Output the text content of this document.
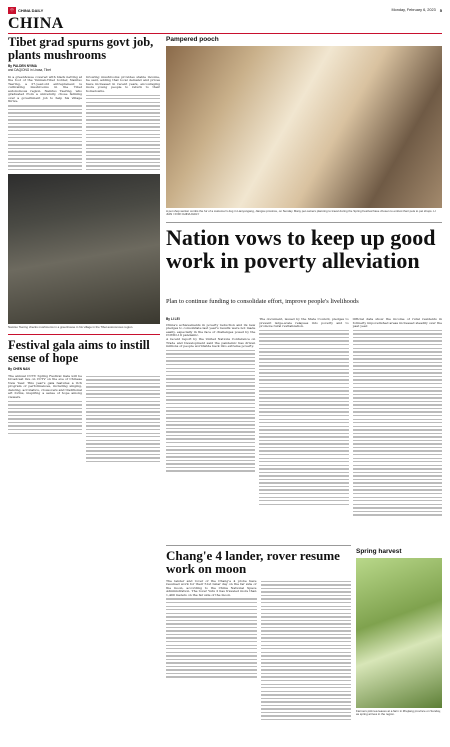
中	CHINA DAILY	Monday, February 6, 2023 5
CHINA
Tibet grad spurns govt job, plants mushrooms
By PALDEN NYIMA
and DAQIONG in Lhasa, Tibet

In a greenhouse covered with black netting at the foot of the Yunnan-Tibet border, Namtso Tsering, a 27-year-old entrepreneur, is cultivating mushrooms in the Tibet autonomous region. Namtso Tsering, who graduated from a university, chose farming over a government job to help his village thrive.

Growing mushrooms provides stable income, he said, adding that local demand and prices have increased in recent years, encouraging more young people to return to their hometowns.

Namtso Tsering checks mushrooms in a greenhouse in his village in the Tibet autonomous region.

Festival gala aims to instill sense of hope
By CHEN NAN

The annual CCTV Spring Festival Gala will be broadcast live on CCTV on the eve of Chinese New Year. This year's gala features a rich program of performances, including singing, dancing, acrobatics, crossovers and traditional art forms, inspiring a sense of hope among viewers.

Pampered pooch

A pet shop worker combs the fur of a customer's dog in Lianyungang, Jiangsu province, on Sunday. Many pet owners planning to travel during the Spring Festival have chosen to entrust their pets to pet shops. LI JIAN / FOR CHINA DAILY

Nation vows to keep up good work in poverty alleviation
Plan to continue funding to consolidate effort, improve people's livelihoods
By LI LEI

China's achievements in poverty reduction and its new pledges to consolidate last year's results were not made easily, especially in the face of challenges posed by the COVID-19 pandemic.

A recent report by the United Nations Conference on Trade and Development said the pandemic has driven millions of people worldwide back into extreme poverty.

The document, issued by the State Council, pledges to prevent large-scale relapses into poverty and to promote rural revitalization.

Official data show the income of rural residents in formerly impoverished areas increased steadily over the past year.

Chang'e 4 lander, rover resume work on moon

The lander and rover of the Chang'e 4 probe have resumed work for their 51st lunar day on the far side of the moon, according to the China National Space Administration. The rover Yutu 2 has traveled more than 1,400 meters on the far side of the moon.

Spring harvest

Farmers pick tea leaves at a farm in Zhejiang province on Sunday, as spring arrives in the region.
